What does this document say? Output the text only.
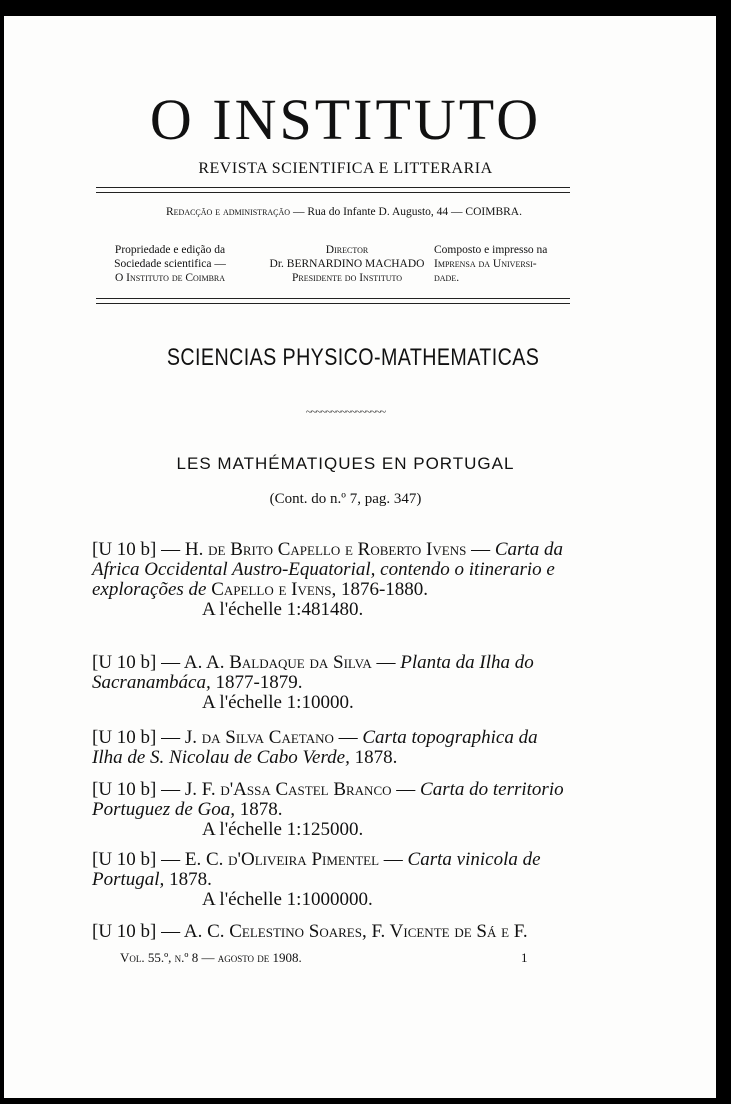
O INSTITUTO
REVISTA SCIENTIFICA E LITTERARIA
Redacção e administração — Rua do Infante D. Augusto, 44 — COIMBRA.
Propriedade e edição da
Sociedade scientifica —
O Instituto de Coimbra
Director
Dr. BERNARDINO MACHADO
Presidente do Instituto
Composto e impresso na
Imprensa da Universi-
dade.
SCIENCIAS PHYSICO-MATHEMATICAS
~~~~~~~~~~~~~~~~
LES MATHÉMATIQUES EN PORTUGAL
(Cont. do n.º 7, pag. 347)
[U 10 b] — H. de Brito Capello e Roberto Ivens — Carta da Africa Occidental Austro-Equatorial, contendo o itinerario e explorações de Capello e Ivens, 1876-1880.
A l'échelle 1:481480.
[U 10 b] — A. A. Baldaque da Silva — Planta da Ilha do Sacranambáca, 1877-1879.
A l'échelle 1:10000.
[U 10 b] — J. da Silva Caetano — Carta topographica da Ilha de S. Nicolau de Cabo Verde, 1878.
[U 10 b] — J. F. d'Assa Castel Branco — Carta do territorio Portuguez de Goa, 1878.
A l'échelle 1:125000.
[U 10 b] — E. C. d'Oliveira Pimentel — Carta vinicola de Portugal, 1878.
A l'échelle 1:1000000.
[U 10 b] — A. C. Celestino Soares, F. Vicente de Sá e F.
Vol. 55.º, n.º 8 — agosto de 1908.	1
